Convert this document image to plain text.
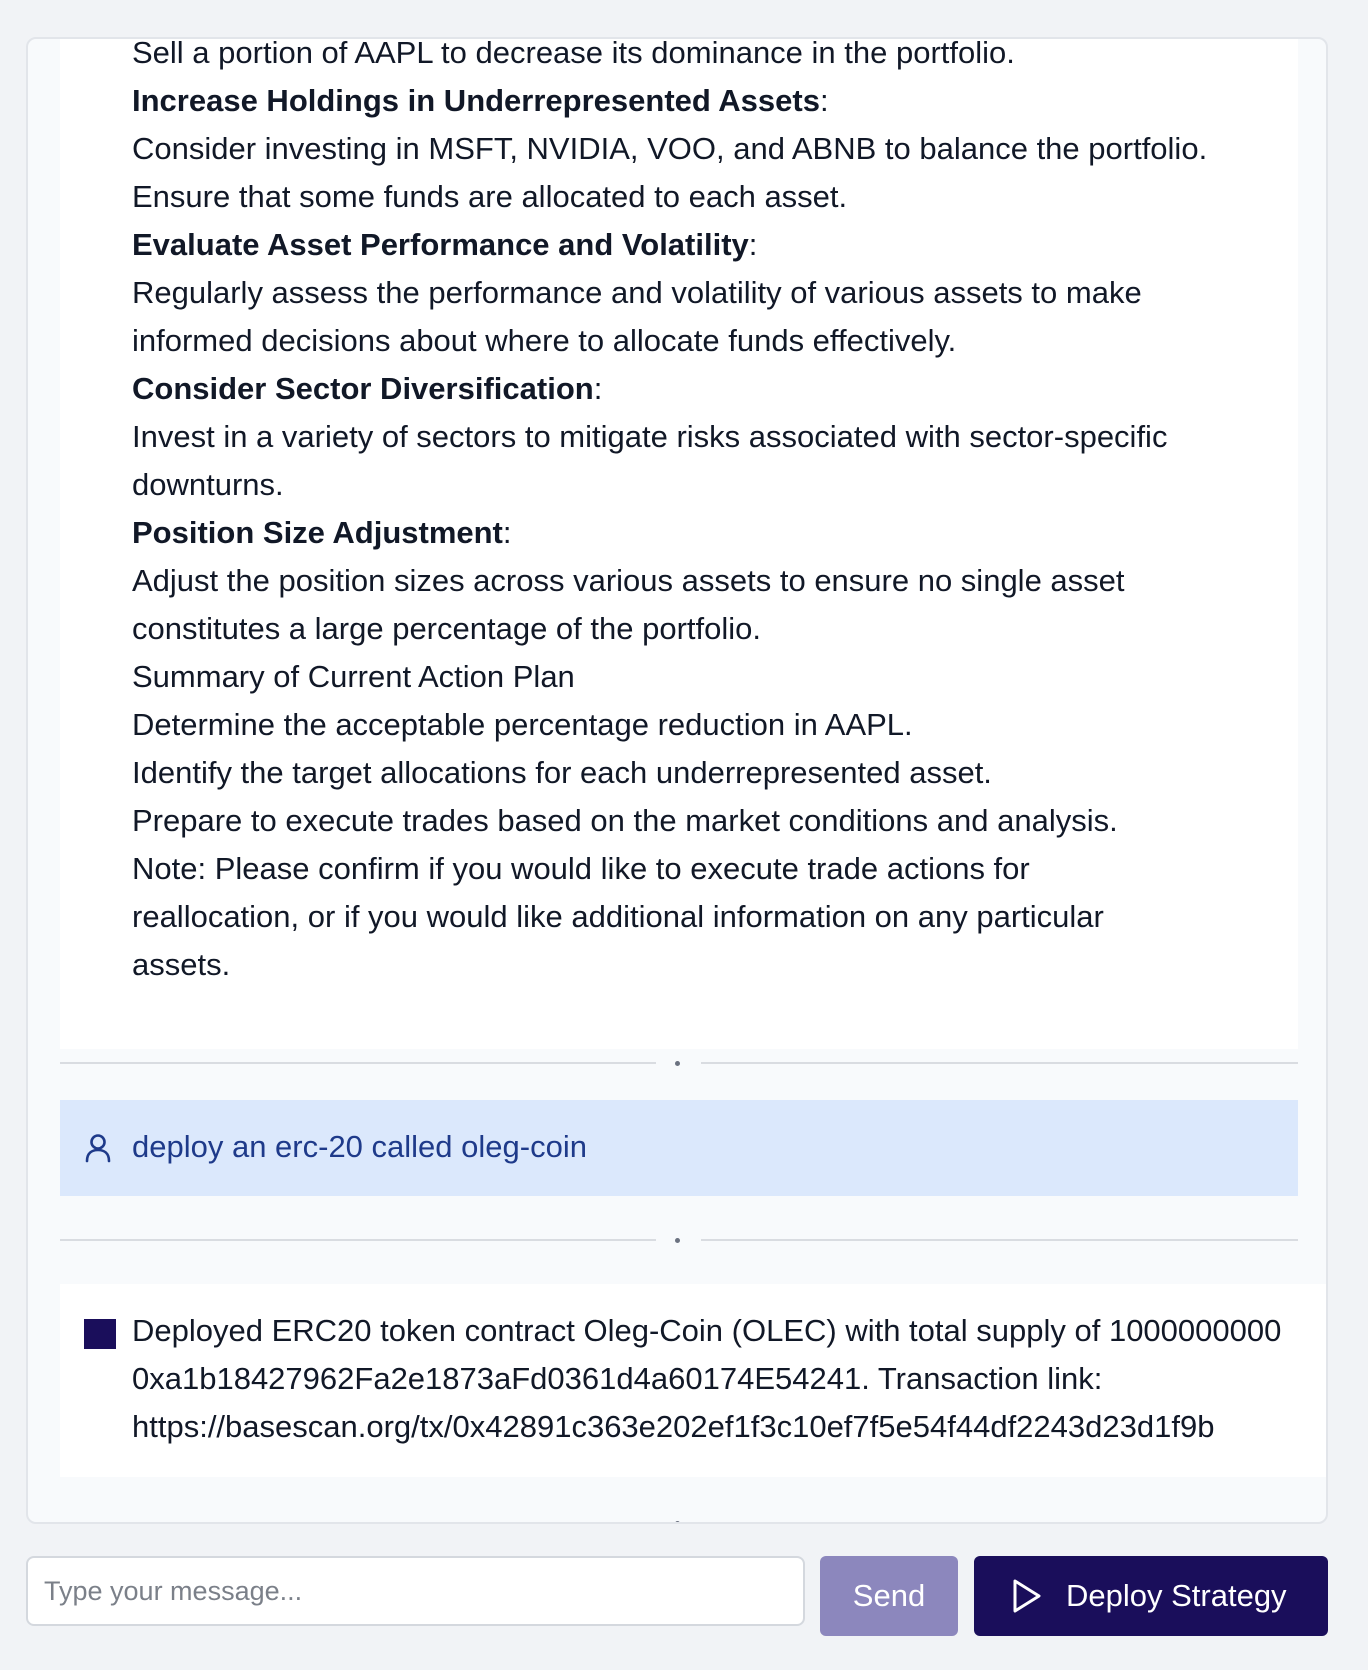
Sell a portion of AAPL to decrease its dominance in the portfolio.
Increase Holdings in Underrepresented Assets:
Consider investing in MSFT, NVIDIA, VOO, and ABNB to balance the portfolio.
Ensure that some funds are allocated to each asset.
Evaluate Asset Performance and Volatility:
Regularly assess the performance and volatility of various assets to make
informed decisions about where to allocate funds effectively.
Consider Sector Diversification:
Invest in a variety of sectors to mitigate risks associated with sector-specific
downturns.
Position Size Adjustment:
Adjust the position sizes across various assets to ensure no single asset
constitutes a large percentage of the portfolio.
Summary of Current Action Plan
Determine the acceptable percentage reduction in AAPL.
Identify the target allocations for each underrepresented asset.
Prepare to execute trades based on the market conditions and analysis.
Note: Please confirm if you would like to execute trade actions for
reallocation, or if you would like additional information on any particular
assets.
deploy an erc-20 called oleg-coin
Deployed ERC20 token contract Oleg-Coin (OLEC) with total supply of 1000000000
0xa1b18427962Fa2e1873aFd0361d4a60174E54241. Transaction link:
https://basescan.org/tx/0x42891c363e202ef1f3c10ef7f5e54f44df2243d23d1f9b
Type your message...
Send	Deploy Strategy
